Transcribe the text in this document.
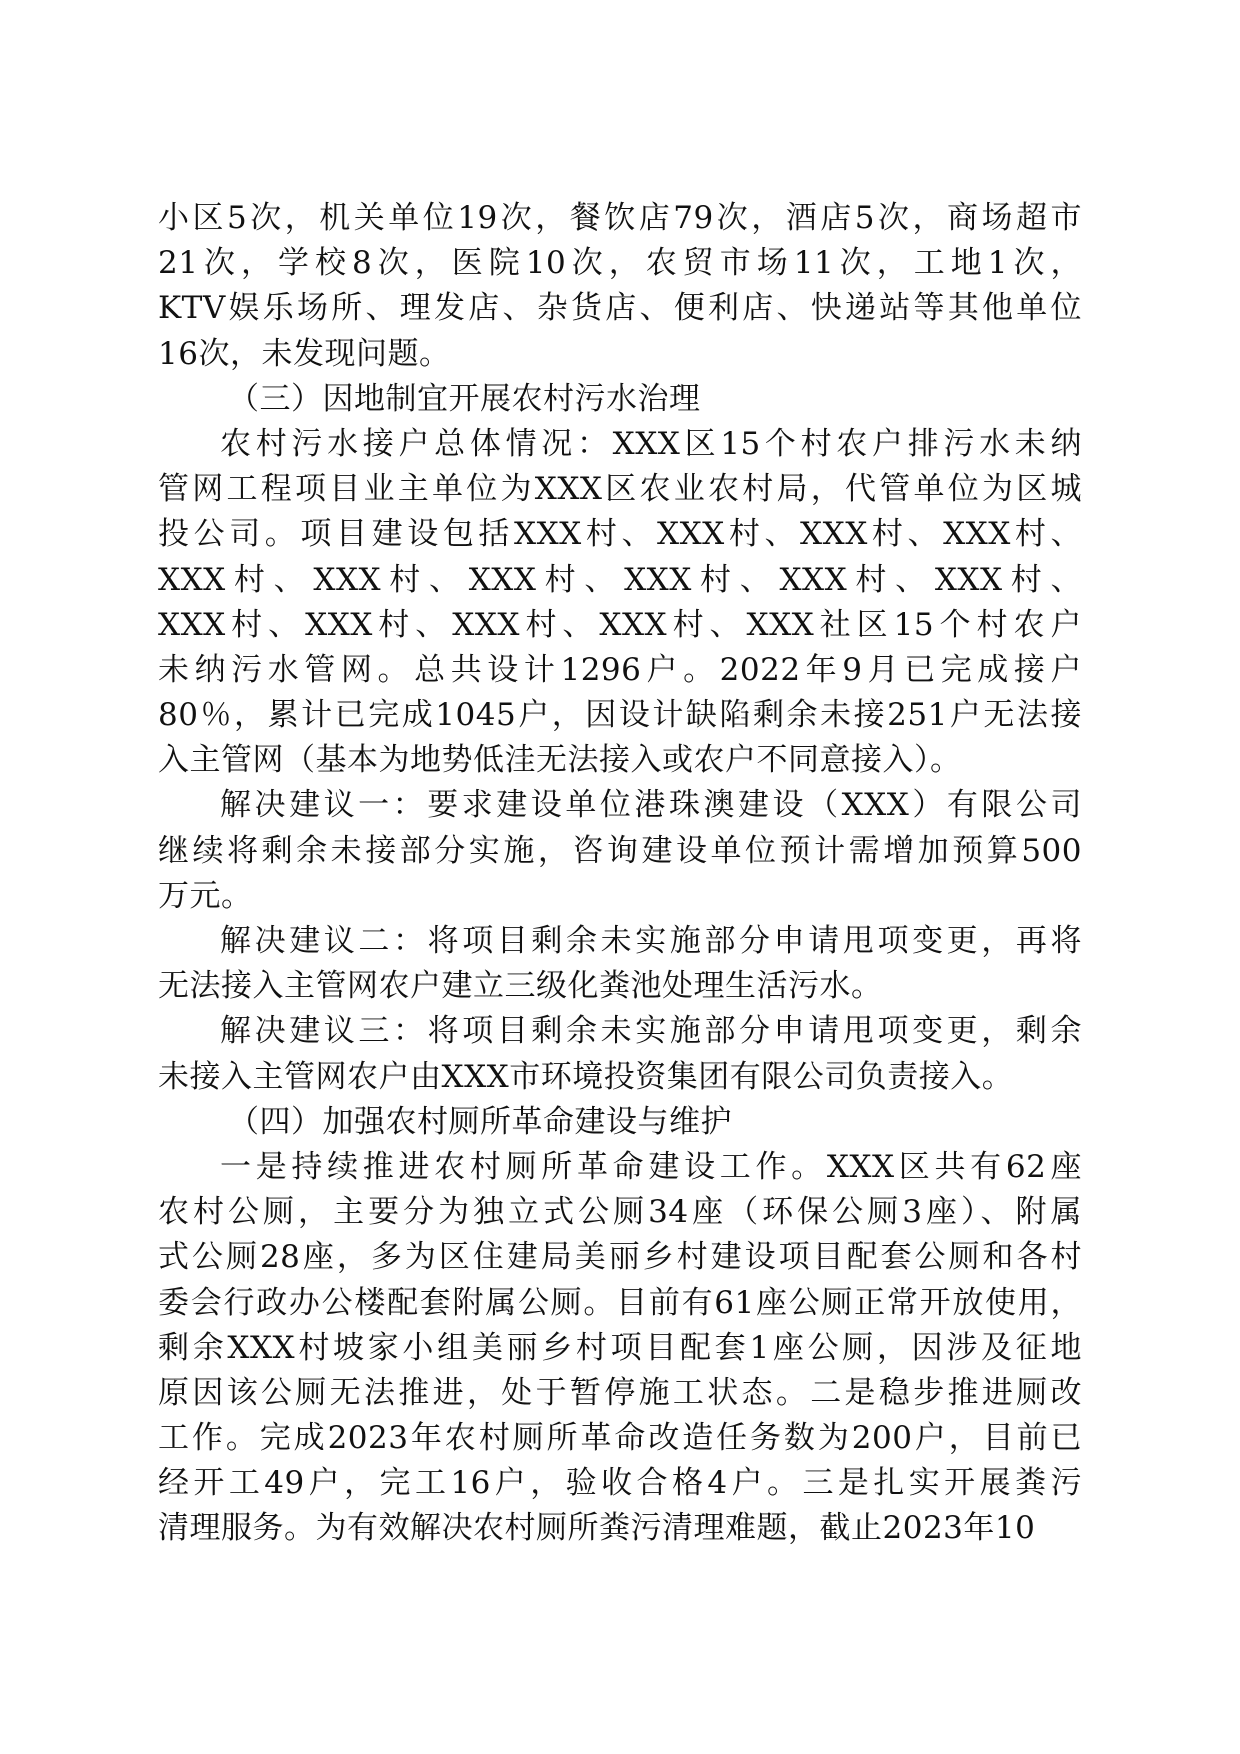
小区5次，机关单位19次，餐饮店79次，酒店5次，商场超市
21次，学校8次，医院10次，农贸市场11次，工地1次，
KTV娱乐场所、理发店、杂货店、便利店、快递站等其他单位
16次，未发现问题。
（三）因地制宜开展农村污水治理
农村污水接户总体情况：XXX区15个村农户排污水未纳
管网工程项目业主单位为XXX区农业农村局，代管单位为区城
投公司。项目建设包括XXX村、XXX村、XXX村、XXX村、
XXX村、XXX村、XXX村、XXX村、XXX村、XXX村、
XXX村、XXX村、XXX村、XXX村、XXX社区15个村农户
未纳污水管网。总共设计1296户。2022年9月已完成接户
80％，累计已完成1045户，因设计缺陷剩余未接251户无法接
入主管网（基本为地势低洼无法接入或农户不同意接入）。
解决建议一：要求建设单位港珠澳建设（XXX）有限公司
继续将剩余未接部分实施，咨询建设单位预计需增加预算500
万元。
解决建议二：将项目剩余未实施部分申请甩项变更，再将
无法接入主管网农户建立三级化粪池处理生活污水。
解决建议三：将项目剩余未实施部分申请甩项变更，剩余
未接入主管网农户由XXX市环境投资集团有限公司负责接入。
（四）加强农村厕所革命建设与维护
一是持续推进农村厕所革命建设工作。XXX区共有62座
农村公厕，主要分为独立式公厕34座（环保公厕3座）、附属
式公厕28座，多为区住建局美丽乡村建设项目配套公厕和各村
委会行政办公楼配套附属公厕。目前有61座公厕正常开放使用，
剩余XXX村坡家小组美丽乡村项目配套1座公厕，因涉及征地
原因该公厕无法推进，处于暂停施工状态。二是稳步推进厕改
工作。完成2023年农村厕所革命改造任务数为200户，目前已
经开工49户，完工16户，验收合格4户。三是扎实开展粪污
清理服务。为有效解决农村厕所粪污清理难题，截止2023年10
